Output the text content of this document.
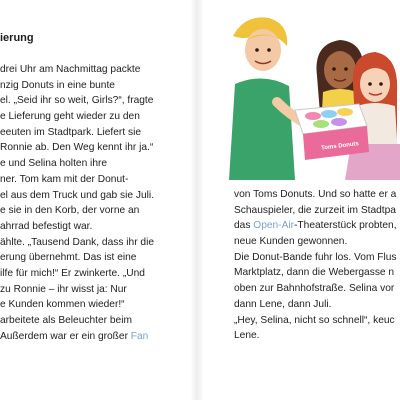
ierung
drei Uhr am Nachmittag packte
nzig Donuts in eine bunte
el. „Seid ihr so weit, Girls?“, fragte
e Lieferung geht wieder zu den
eeuten im Stadtpark. Liefert sie
Ronnie ab. Den Weg kennt ihr ja.“
e und Selina holten ihre
ner. Tom kam mit der Donut-
el aus dem Truck und gab sie Juli.
e sie in den Korb, der vorne an
ahrrad befestigt war.
ählte. „Tausend Dank, dass ihr die
erung übernehmt. Das ist eine
ilfe für mich!“ Er zwinkerte. „Und
zu Ronnie – ihr wisst ja: Nur
e Kunden kommen wieder!“
arbeitete als Beleuchter beim
Außerdem war er ein großer Fan
Toms Donuts
von Toms Donuts. Und so hatte er a
Schauspieler, die zurzeit im Stadtpa
das Open-Air-Theaterstück probten,
neue Kunden gewonnen.
Die Donut-Bande fuhr los. Vom Flus
Marktplatz, dann die Webergasse n
oben zur Bahnhofstraße. Selina vor
dann Lene, dann Juli.
„Hey, Selina, nicht so schnell“, keuc
Lene.
